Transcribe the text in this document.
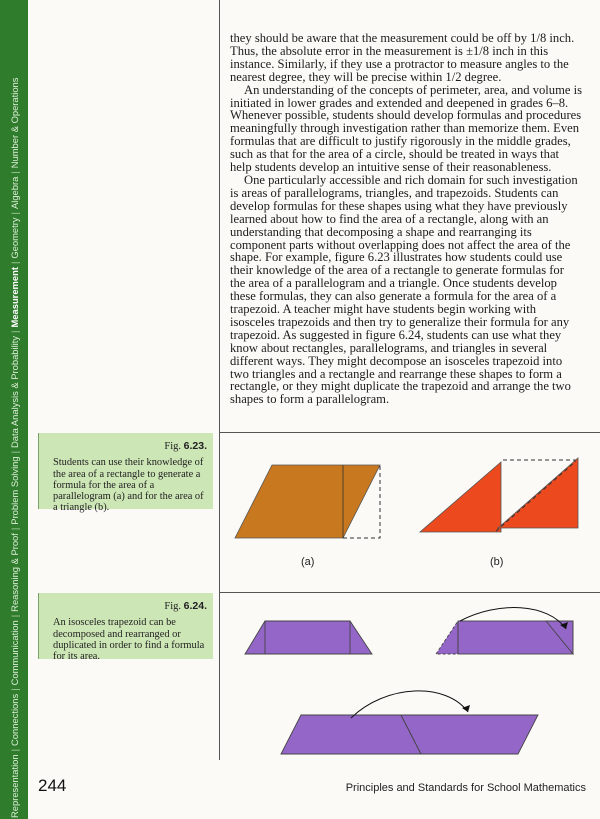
Representation
|
Connections
|
Communication
|
Reasoning & Proof
|
Problem Solving
|
Data Analysis & Probability
|
Measurement
|
Geometry
|
Algebra
|
Number & Operations

they should be aware that the measurement could be off by 1/8 inch. Thus, the absolute error in the measurement is ±1/8 inch in this instance. Similarly, if they use a protractor to measure angles to the nearest degree, they will be precise within 1/2 degree.

An understanding of the concepts of perimeter, area, and volume is initiated in lower grades and extended and deepened in grades 6–8. Whenever possible, students should develop formulas and procedures meaningfully through investigation rather than memorize them. Even formulas that are difficult to justify rigorously in the middle grades, such as that for the area of a circle, should be treated in ways that help students develop an intuitive sense of their reasonableness.

One particularly accessible and rich domain for such investigation is areas of parallelograms, triangles, and trapezoids. Students can develop formulas for these shapes using what they have previously learned about how to find the area of a rectangle, along with an understanding that decomposing a shape and rearranging its component parts without overlapping does not affect the area of the shape. For example, figure 6.23 illustrates how students could use their knowledge of the area of a rectangle to generate formulas for the area of a parallelogram and a triangle. Once students develop these formulas, they can also generate a formula for the area of a trapezoid. A teacher might have students begin working with isosceles trapezoids and then try to generalize their formula for any trapezoid. As suggested in figure 6.24, students can use what they know about rectangles, parallelograms, and triangles in several different ways. They might decompose an isosceles trapezoid into two triangles and a rectangle and rearrange these shapes to form a rectangle, or they might duplicate the trapezoid and arrange the two shapes to form a parallelogram.

Fig. 6.23.
Students can use their knowledge of the area of a rectangle to generate a formula for the area of a parallelogram (a) and for the area of a triangle (b).
(a)	(b)
Fig. 6.24.
An isosceles trapezoid can be decomposed and rearranged or duplicated in order to find a formula for its area.
244	Principles and Standards for School Mathematics
